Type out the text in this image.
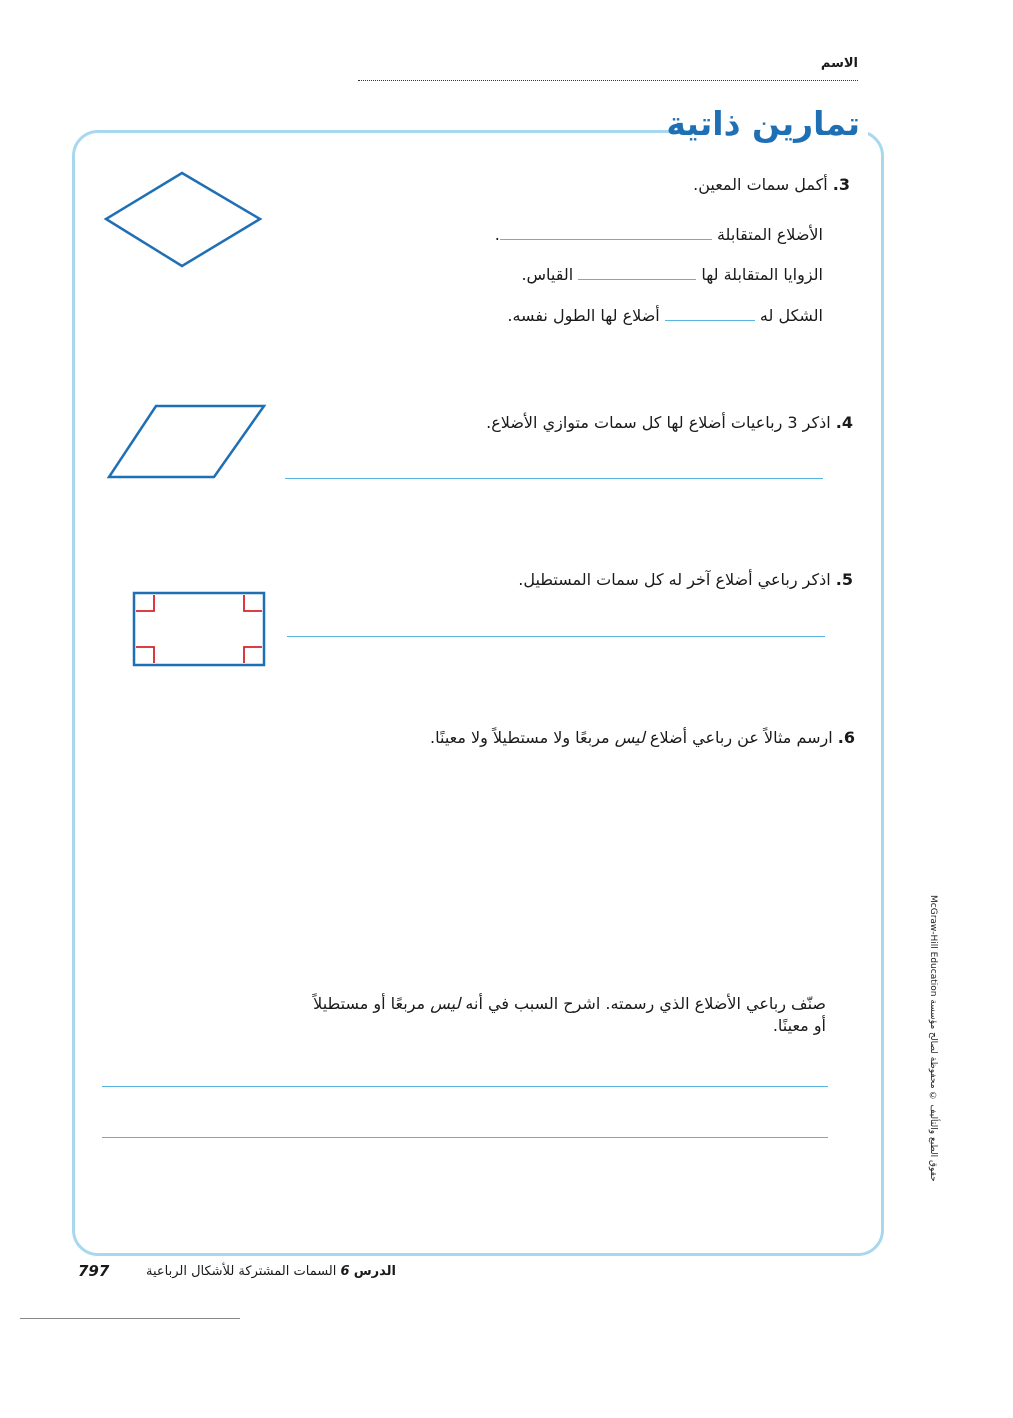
الاسم
تمارين ذاتية
3. أكمل سمات المعين.
الأضلاع المتقابلة .
الزوايا المتقابلة لها  القياس.
الشكل له  أضلاع لها الطول نفسه.
4. اذكر 3 رباعيات أضلاع لها كل سمات متوازي الأضلاع.
5. اذكر رباعي أضلاع آخر له كل سمات المستطيل.
6. ارسم مثالاً عن رباعي أضلاع ليس مربعًا ولا مستطيلاً ولا معينًا.
صنّف رباعي الأضلاع الذي رسمته. اشرح السبب في أنه ليس مربعًا أو مستطيلاً
أو معينًا.
797	الدرس 6 السمات المشتركة للأشكال الرباعية
McGraw-Hill Education حقوق الطبع والتأليف © محفوظة لصالح مؤسسة
